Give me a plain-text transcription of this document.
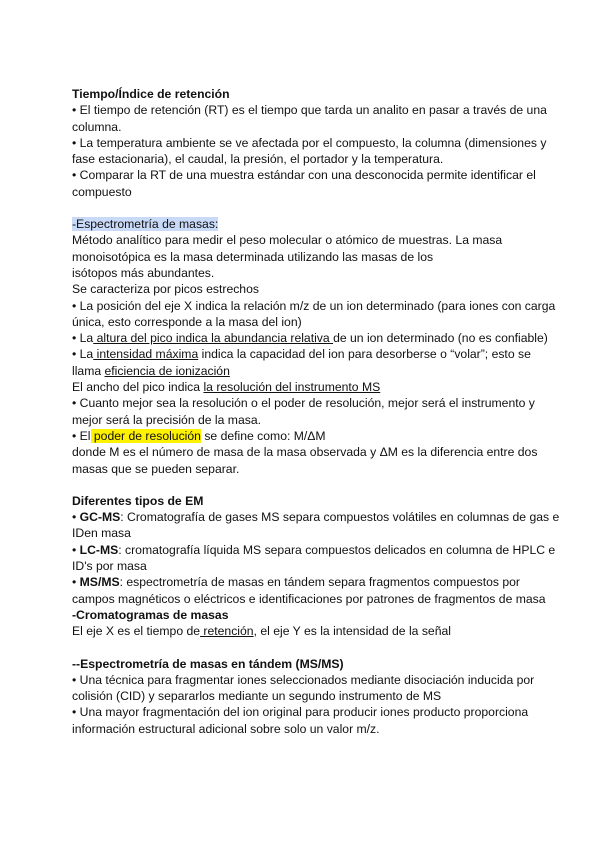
Tiempo/Índice de retención

• El tiempo de retención (RT) es el tiempo que tarda un analito en pasar a través de una columna.

• La temperatura ambiente se ve afectada por el compuesto, la columna (dimensiones y fase estacionaria), el caudal, la presión, el portador y la temperatura.

• Comparar la RT de una muestra estándar con una desconocida permite identificar el compuesto

-Espectrometría de masas:

Método analítico para medir el peso molecular o atómico de muestras. La masa monoisotópica es la masa determinada utilizando las masas de los

isótopos más abundantes.

Se caracteriza por picos estrechos

• La posición del eje X indica la relación m/z de un ion determinado (para iones con carga única, esto corresponde a la masa del ion)

• La altura del pico indica la abundancia relativa de un ion determinado (no es confiable)

• La intensidad máxima indica la capacidad del ion para desorberse o “volar”; esto se llama eficiencia de ionización

El ancho del pico indica la resolución del instrumento MS

• Cuanto mejor sea la resolución o el poder de resolución, mejor será el instrumento y mejor será la precisión de la masa.

• El poder de resolución se define como: M/ΔM

donde M es el número de masa de la masa observada y ΔM es la diferencia entre dos masas que se pueden separar.

Diferentes tipos de EM

• GC-MS: Cromatografía de gases MS separa compuestos volátiles en columnas de gas e IDen masa

• LC-MS: cromatografía líquida MS separa compuestos delicados en columna de HPLC e ID's por masa

• MS/MS: espectrometría de masas en tándem separa fragmentos compuestos por campos magnéticos o eléctricos e identificaciones por patrones de fragmentos de masa

-Cromatogramas de masas

El eje X es el tiempo de retención, el eje Y es la intensidad de la señal

--Espectrometría de masas en tándem (MS/MS)

• Una técnica para fragmentar iones seleccionados mediante disociación inducida por colisión (CID) y separarlos mediante un segundo instrumento de MS

• Una mayor fragmentación del ion original para producir iones producto proporciona información estructural adicional sobre solo un valor m/z.
